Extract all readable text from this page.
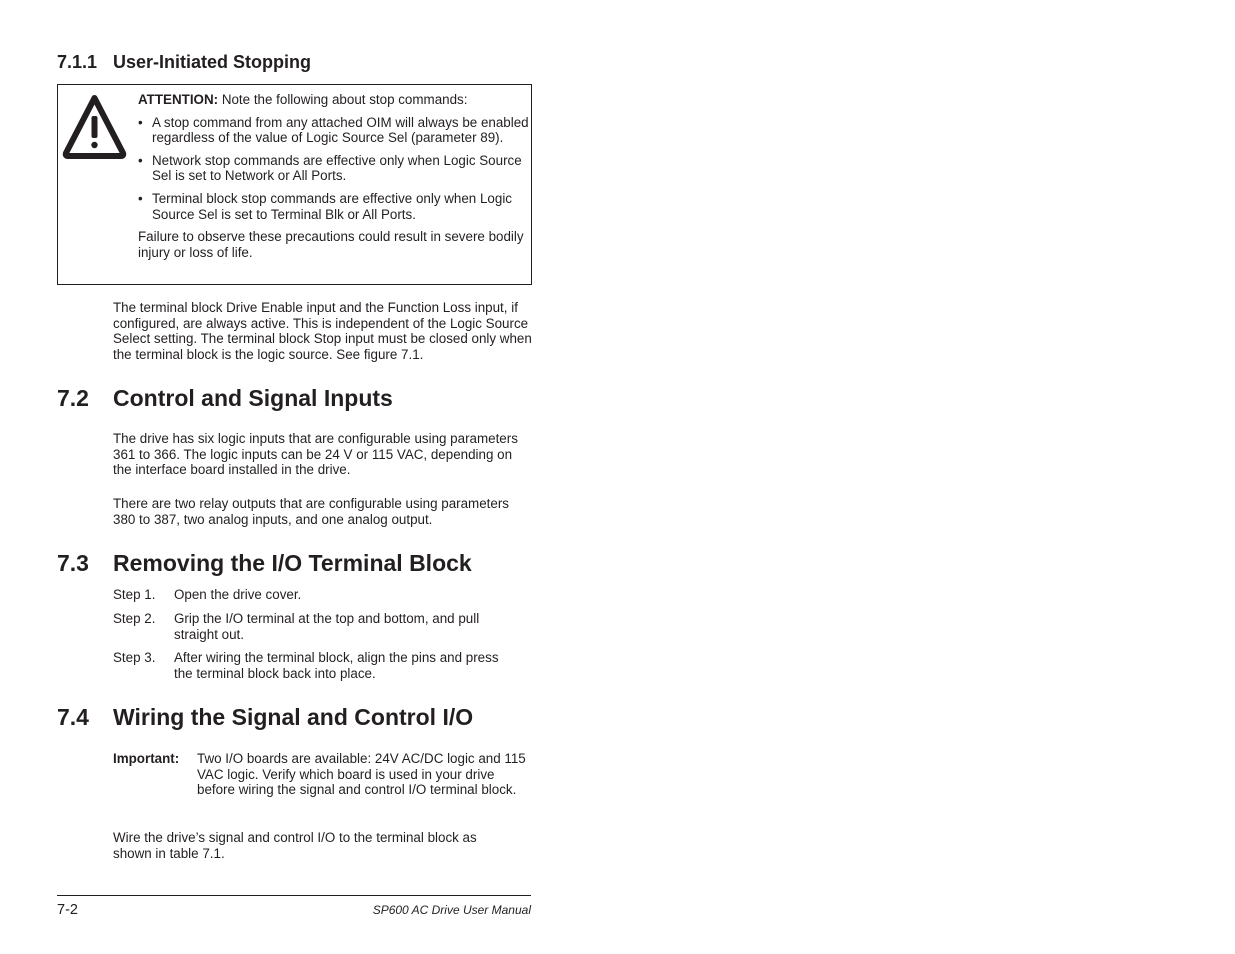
7.1.1 User-Initiated Stopping
ATTENTION: Note the following about stop commands:
• A stop command from any attached OIM will always be enabled regardless of the value of Logic Source Sel (parameter 89).
• Network stop commands are effective only when Logic Source Sel is set to Network or All Ports.
• Terminal block stop commands are effective only when Logic Source Sel is set to Terminal Blk or All Ports.
Failure to observe these precautions could result in severe bodily injury or loss of life.
The terminal block Drive Enable input and the Function Loss input, if configured, are always active. This is independent of the Logic Source Select setting. The terminal block Stop input must be closed only when the terminal block is the logic source. See figure 7.1.
7.2 Control and Signal Inputs
The drive has six logic inputs that are configurable using parameters 361 to 366. The logic inputs can be 24 V or 115 VAC, depending on the interface board installed in the drive.
There are two relay outputs that are configurable using parameters 380 to 387, two analog inputs, and one analog output.
7.3 Removing the I/O Terminal Block
Step 1. Open the drive cover.
Step 2. Grip the I/O terminal at the top and bottom, and pull straight out.
Step 3. After wiring the terminal block, align the pins and press the terminal block back into place.
7.4 Wiring the Signal and Control I/O
Important: Two I/O boards are available: 24V AC/DC logic and 115 VAC logic. Verify which board is used in your drive before wiring the signal and control I/O terminal block.
Wire the drive’s signal and control I/O to the terminal block as shown in table 7.1.
7-2	SP600 AC Drive User Manual
